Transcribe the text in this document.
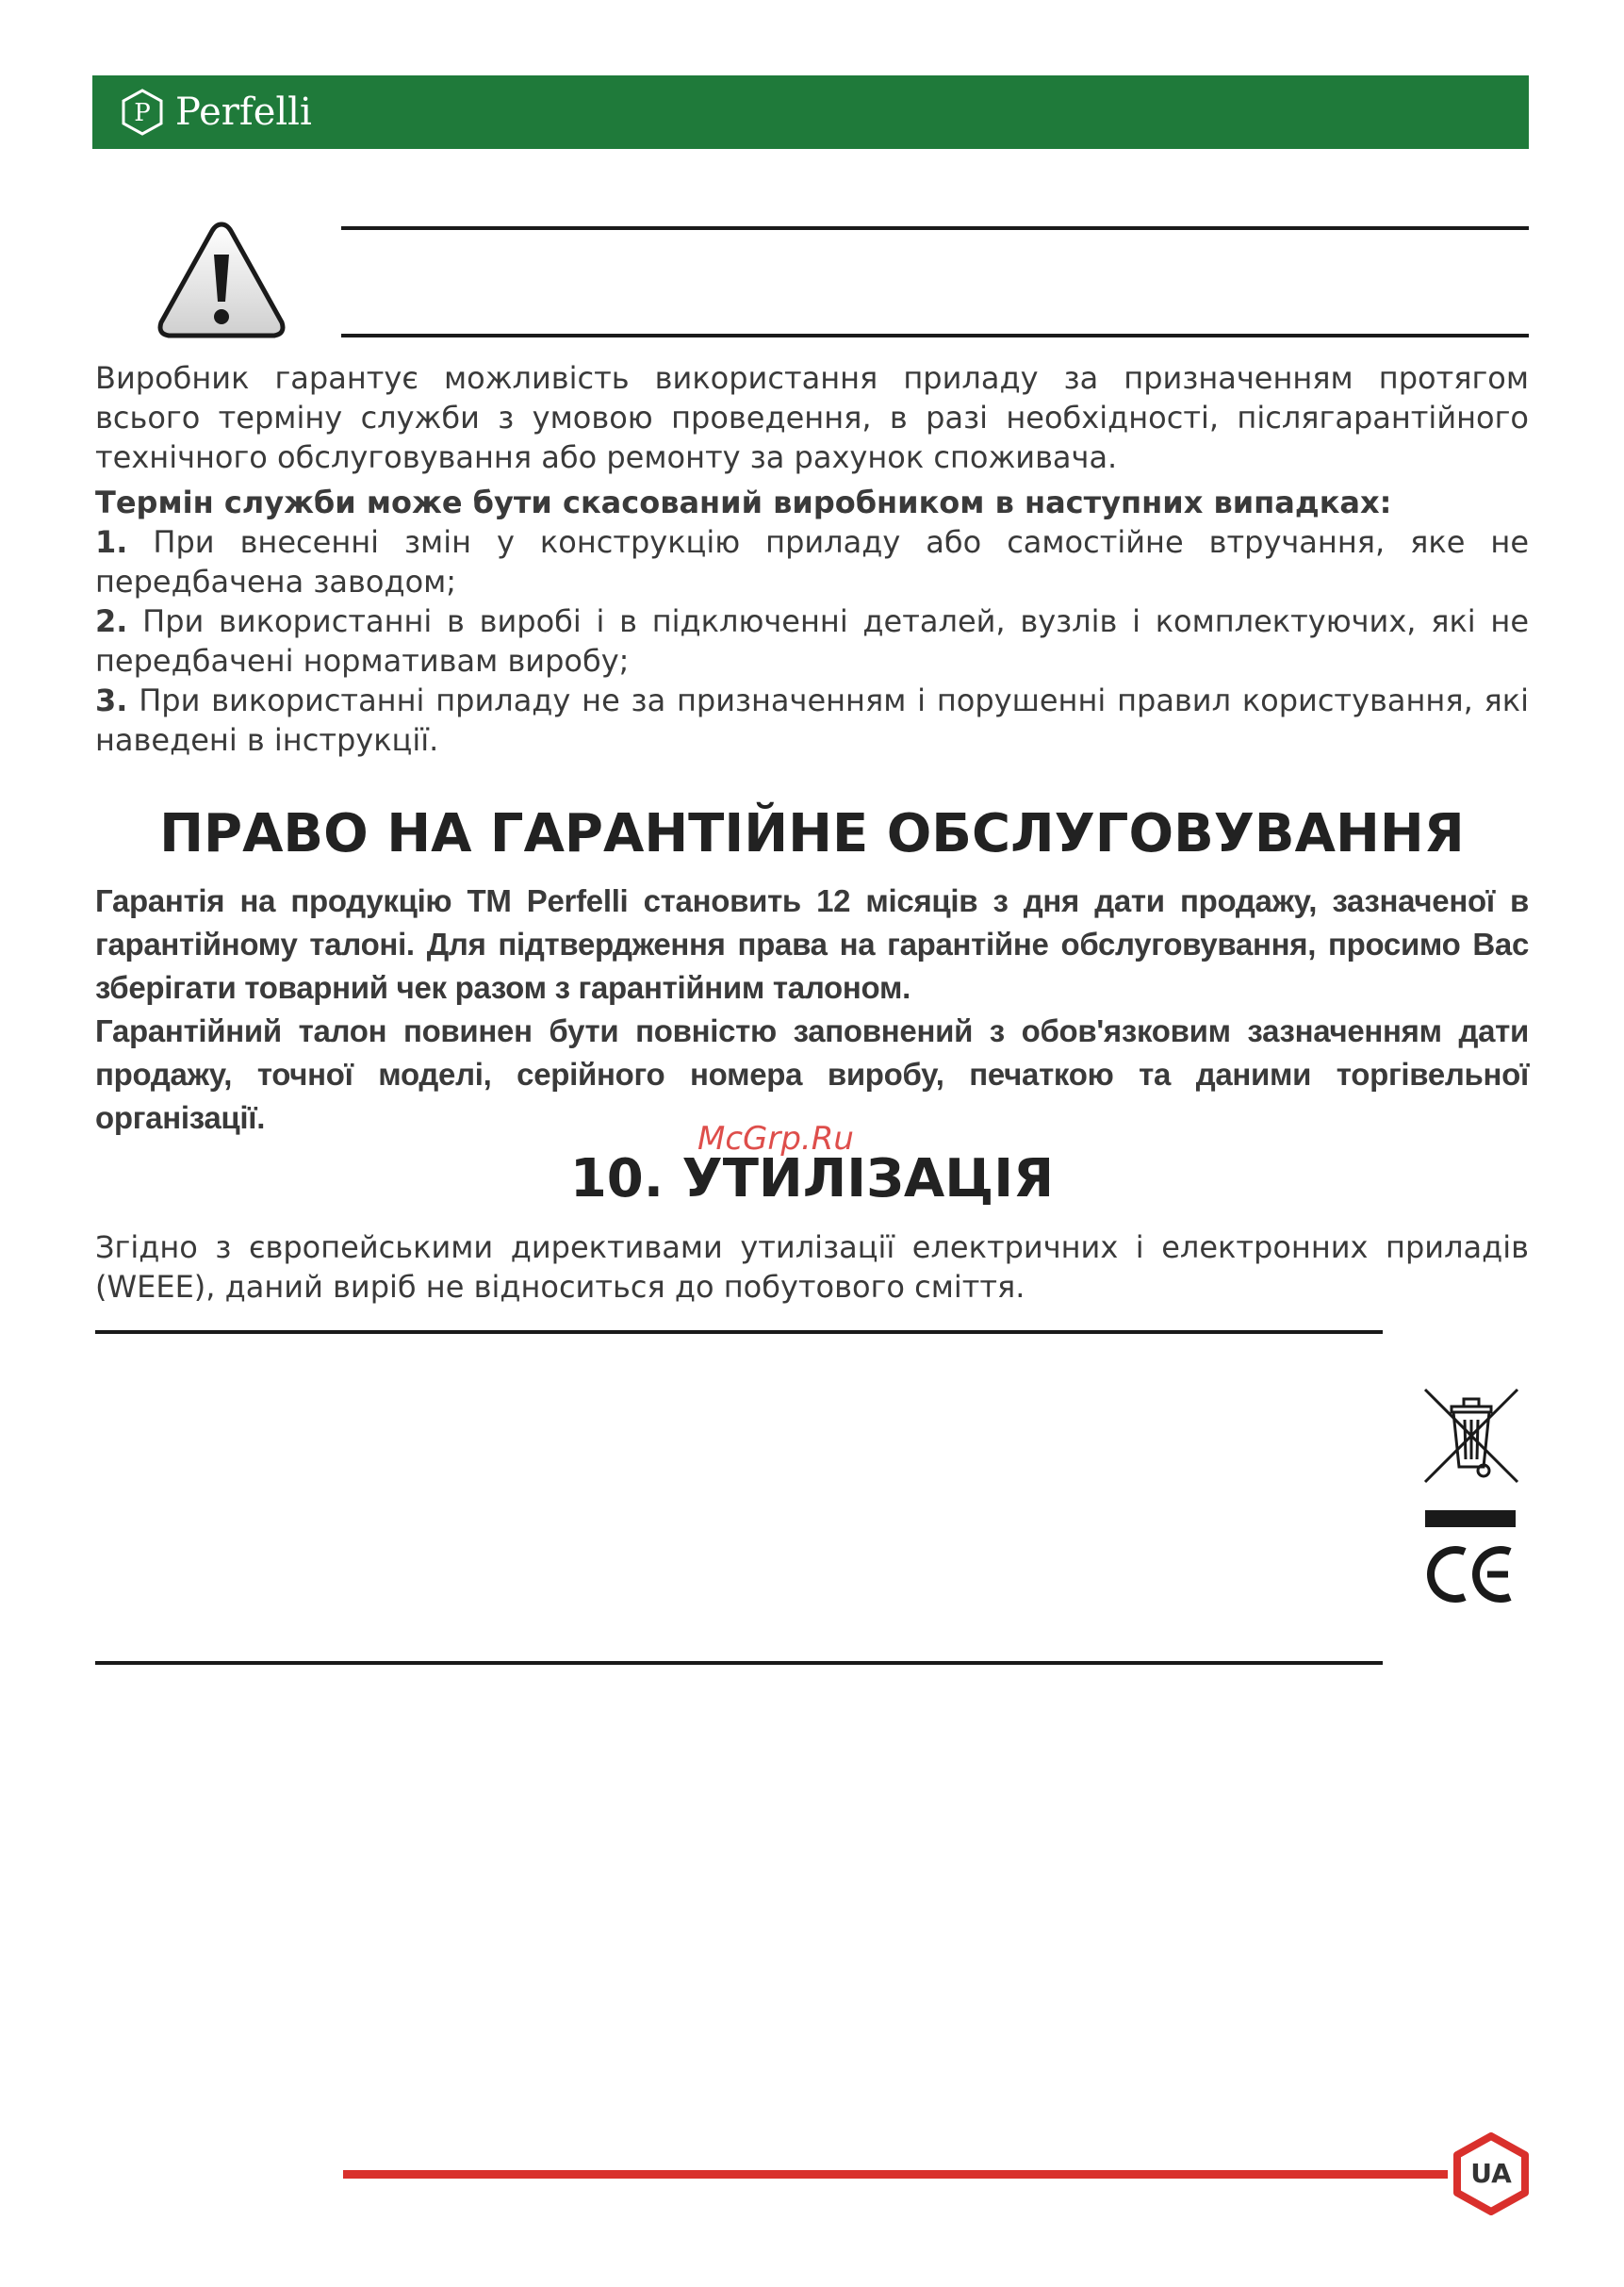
P Perfelli

Виробник гарантує можливість використання приладу за призначенням протягом всього терміну служби з умовою проведення, в разі необхідності, післягарантійного технічного обслуговування або ремонту за рахунок споживача.

Термін служби може бути скасований виробником в наступних випадках:

1. При внесенні змін у конструкцію приладу або самостійне втручання, яке не передбачена заводом;

2. При використанні в виробі і в підключенні деталей, вузлів і комплектуючих, які не передбачені нормативам виробу;

3. При використанні приладу не за призначенням і порушенні правил користування, які наведені в інструкції.

ПРАВО НА ГАРАНТІЙНЕ ОБСЛУГОВУВАННЯ

Гарантія на продукцію ТМ Perfelli становить 12 місяців з дня дати продажу, зазначеної в гарантійному талоні. Для підтвердження права на гарантійне обслуговування, просимо Вас зберігати товарний чек разом з гарантійним талоном.

Гарантійний талон повинен бути повністю заповнений з обов'язковим зазначенням дати продажу, точної моделі, серійного номера виробу, печаткою та даними торгівельної організації.

McGrp.Ru
10. УТИЛІЗАЦІЯ
Згідно з європейськими директивами утилізації електричних і електронних приладів (WEEE), даний виріб не відноситься до побутового сміття.
UA
